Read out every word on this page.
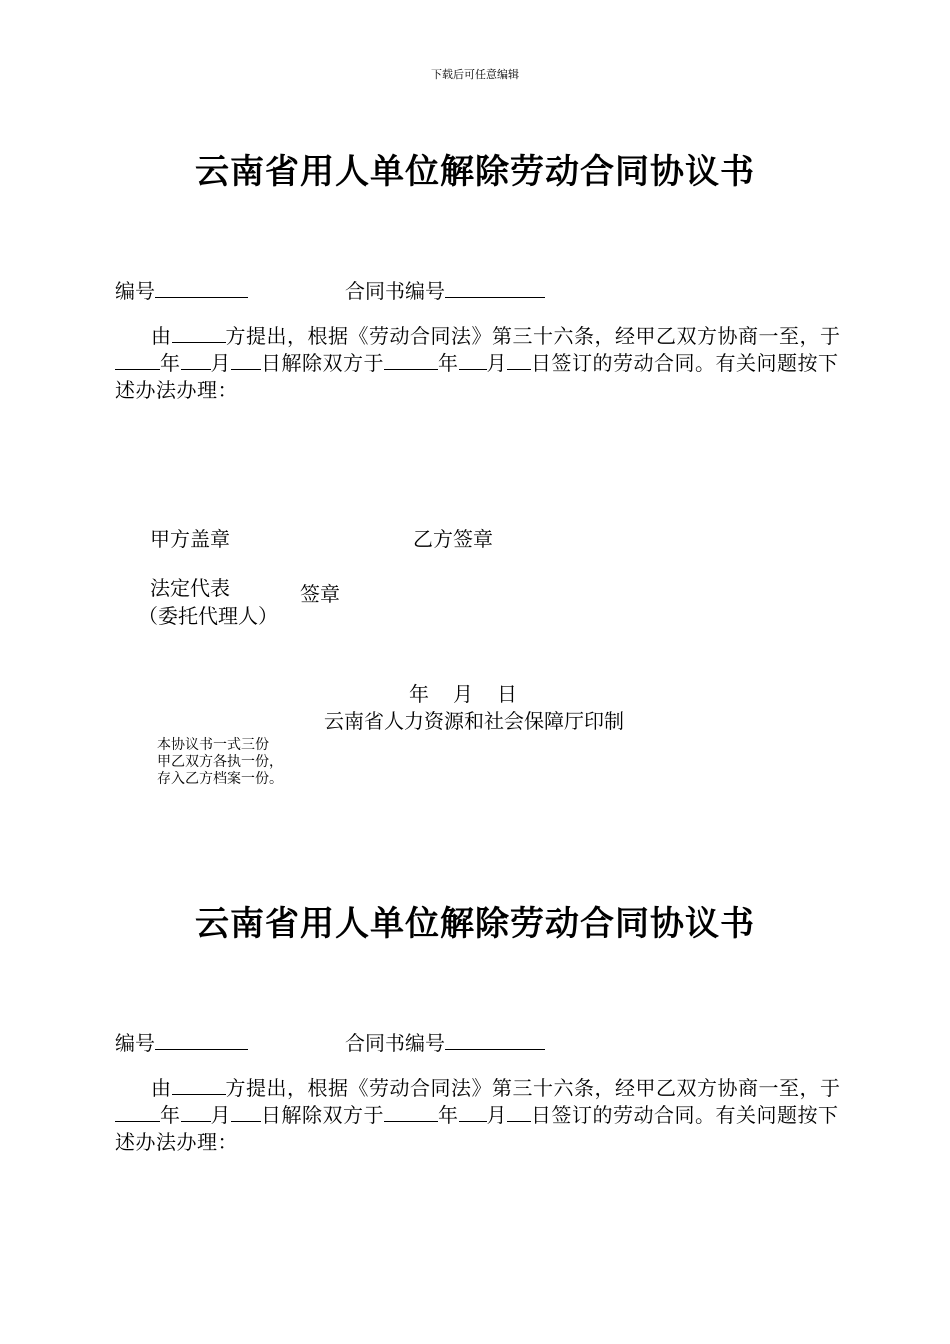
下载后可任意编辑
云南省用人单位解除劳动合同协议书
编号	合同书编号
由	方提出，根据《劳动合同法》第三十六条，经甲乙双方协商一至，于年 月 日解除双方于	年 月 日签订的劳动合同。有关问题按下述办法办理：
甲方盖章	乙方签章
法定代表
（委托代理人）
签章
年 月 日
云南省人力资源和社会保障厅印制
本协议书一式三份
甲乙双方各执一份，
存入乙方档案一份。
云南省用人单位解除劳动合同协议书
编号	合同书编号
由	方提出，根据《劳动合同法》第三十六条，经甲乙双方协商一至，于年 月 日解除双方于	年 月 日签订的劳动合同。有关问题按下述办法办理：
